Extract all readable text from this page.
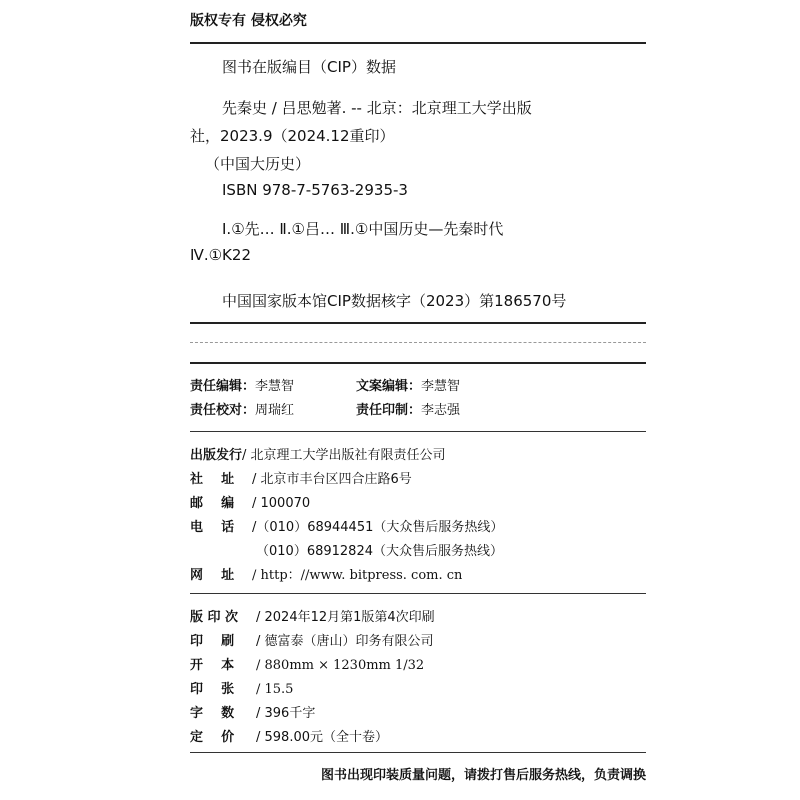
版权专有 侵权必究
图书在版编目（CIP）数据
先秦史 / 吕思勉著. -- 北京：北京理工大学出版
社，2023.9（2024.12重印）
（中国大历史）
ISBN 978-7-5763-2935-3
Ⅰ.①先… Ⅱ.①吕… Ⅲ.①中国历史—先秦时代
Ⅳ.①K22
中国国家版本馆CIP数据核字（2023）第186570号
责任编辑：李慧智	文案编辑：李慧智
责任校对：周瑞红	责任印制：李志强
出版发行/ 北京理工大学出版社有限责任公司
社    址 / 北京市丰台区四合庄路6号
邮    编 / 100070
电    话 /（010）68944451（大众售后服务热线）
（010）68912824（大众售后服务热线）
网    址 / http：//www. bitpress. com. cn
版 印 次 / 2024年12月第1版第4次印刷
印    刷 / 德富泰（唐山）印务有限公司
开    本 / 880mm × 1230mm 1/32
印    张 / 15.5
字    数 / 396千字
定    价 / 598.00元（全十卷）
图书出现印装质量问题，请拨打售后服务热线，负责调换
